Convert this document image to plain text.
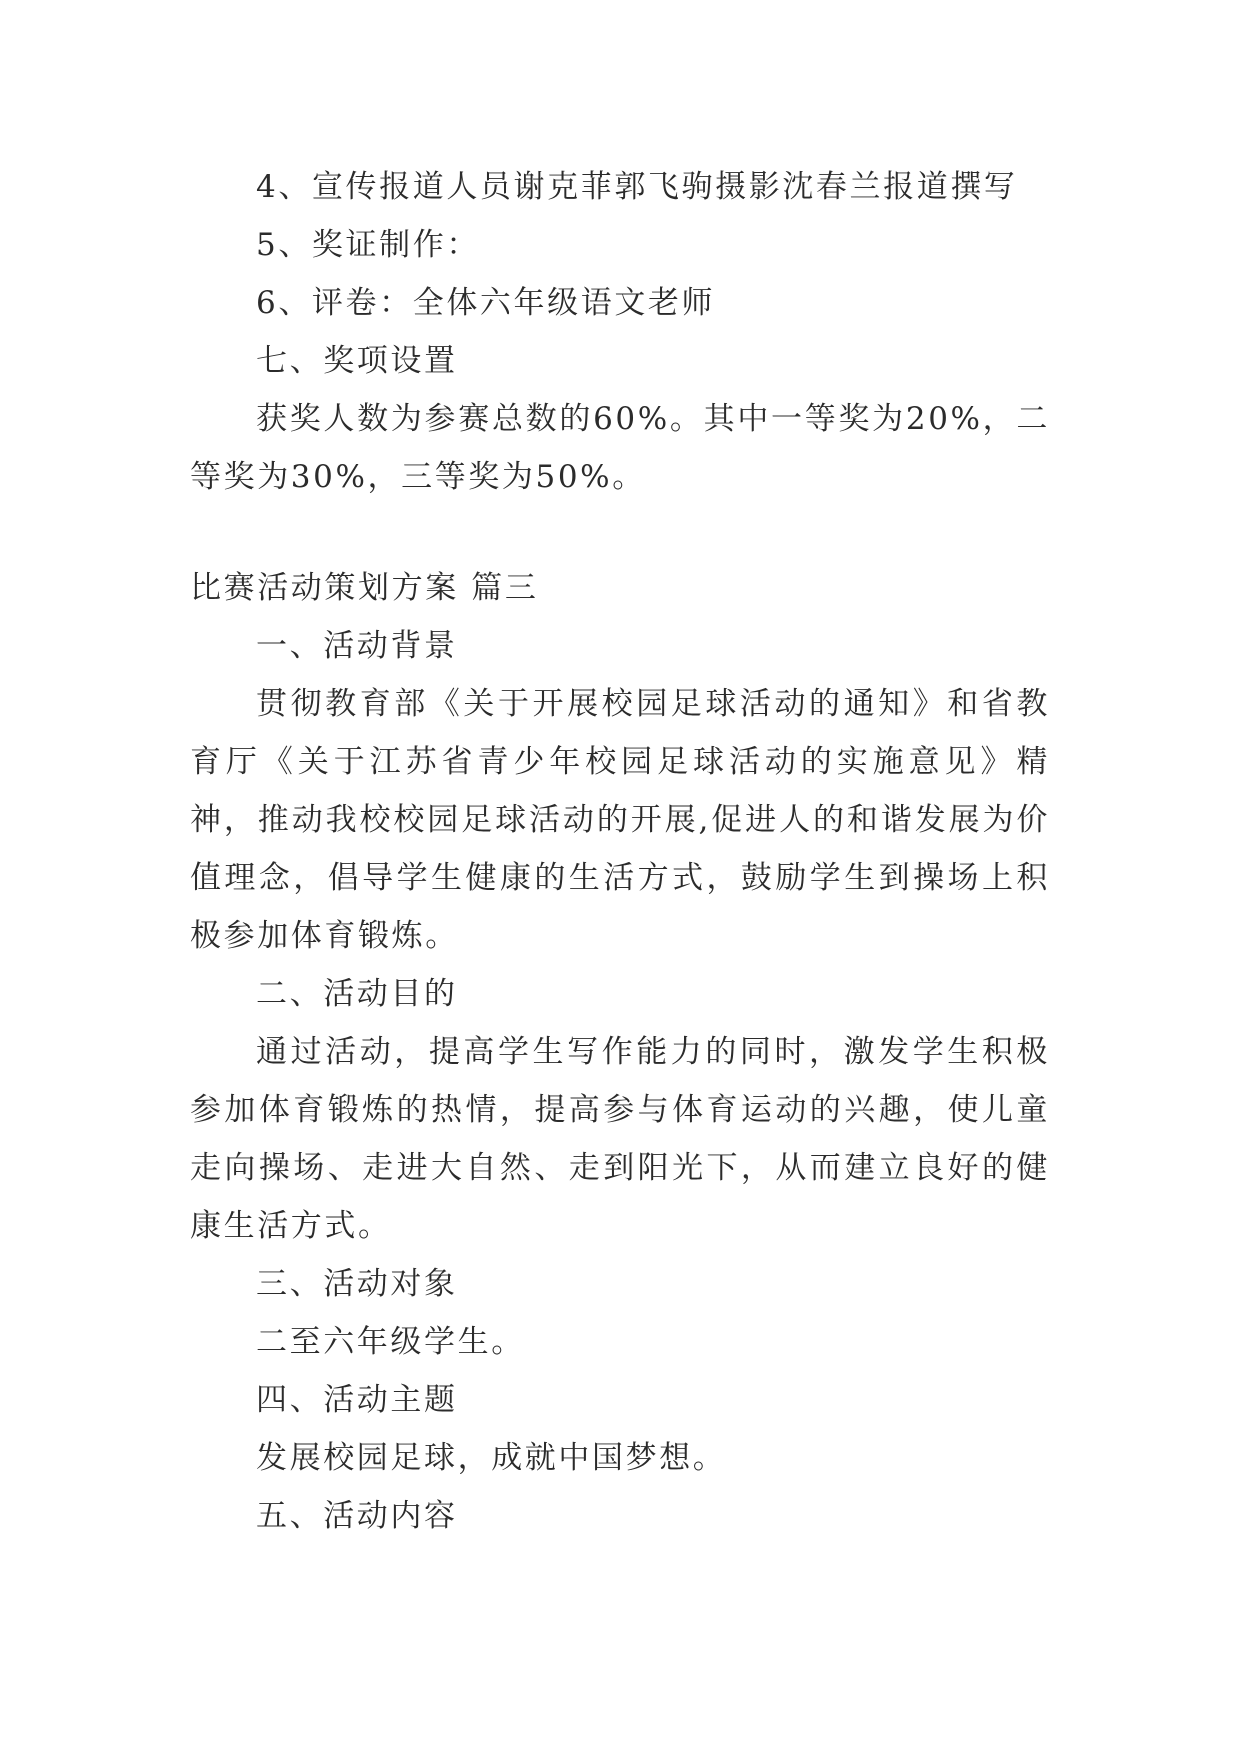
4、宣传报道人员谢克菲郭飞驹摄影沈春兰报道撰写

5、奖证制作：

6、评卷：全体六年级语文老师

七、奖项设置

获奖人数为参赛总数的60%。其中一等奖为20%，二等奖为30%，三等奖为50%。

比赛活动策划方案 篇三

一、活动背景

贯彻教育部《关于开展校园足球活动的通知》和省教育厅《关于江苏省青少年校园足球活动的实施意见》精神，推动我校校园足球活动的开展,促进人的和谐发展为价值理念，倡导学生健康的生活方式，鼓励学生到操场上积极参加体育锻炼。

二、活动目的

通过活动，提高学生写作能力的同时，激发学生积极参加体育锻炼的热情，提高参与体育运动的兴趣，使儿童走向操场、走进大自然、走到阳光下，从而建立良好的健康生活方式。

三、活动对象

二至六年级学生。

四、活动主题

发展校园足球，成就中国梦想。

五、活动内容
